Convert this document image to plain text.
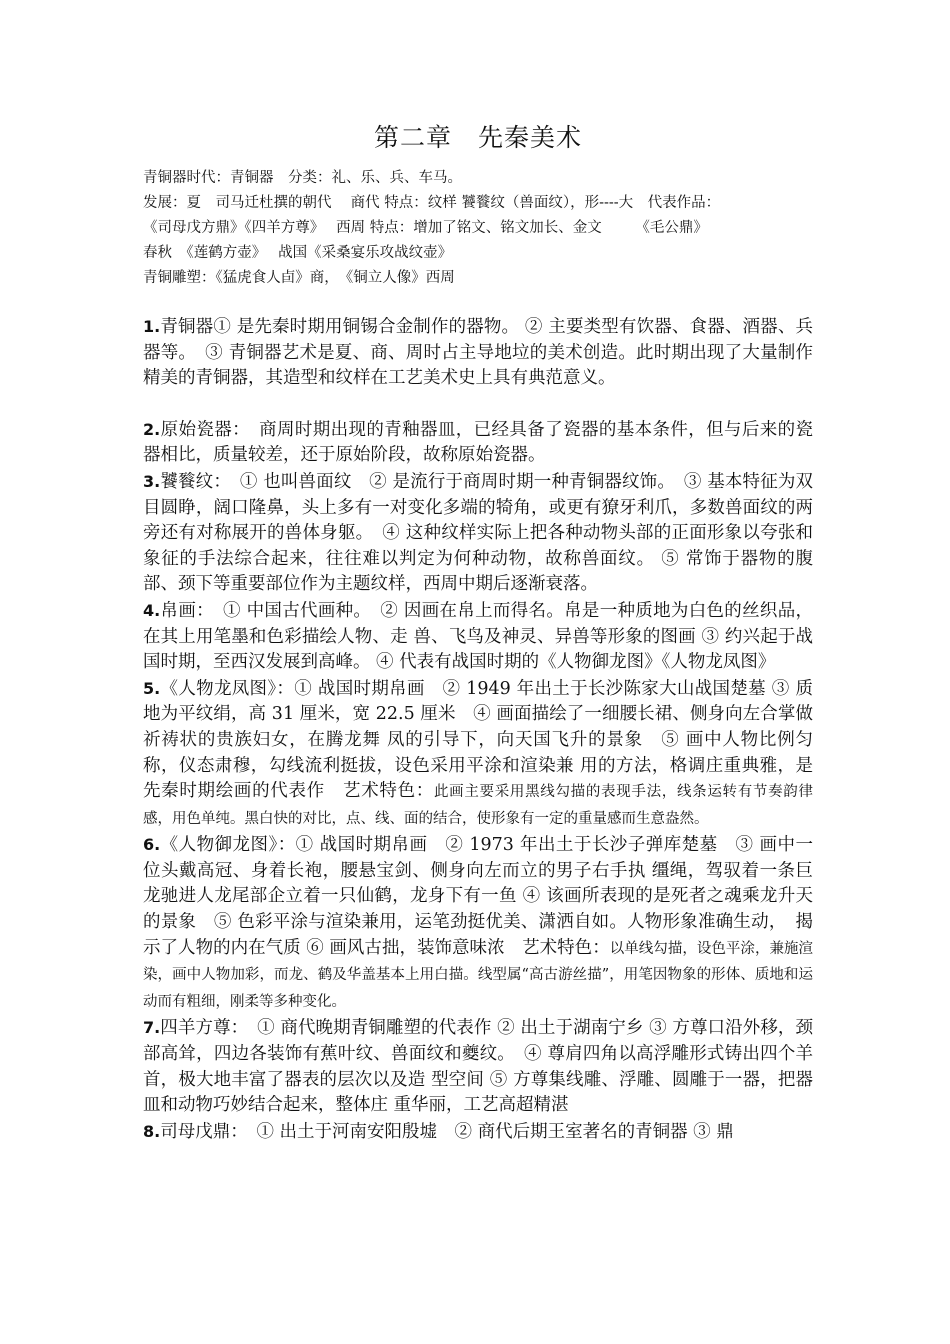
第二章　先秦美术
青铜器时代：青铜器　分类：礼、乐、兵、车马。
发展：夏　司马迁杜撰的朝代　 商代 特点：纹样 饕餮纹（兽面纹），形----大　代表作品：
《司母戊方鼎》《四羊方尊》　 西周 特点：增加了铭文、铭文加长、金文　　 《毛公鼎》
春秋　《莲鹤方壶》　 战国《采桑宴乐攻战纹壶》
青铜雕塑：《猛虎食人卣》商，　《铜立人像》西周

1.青铜器① 是先秦时期用铜锡合金制作的器物。 ② 主要类型有饮器、食器、酒器、兵器等。　③ 青铜器艺术是夏、商、周时占主导地垃的美术创造。此时期出现了大量制作精美的青铜器，其造型和纹样在工艺美术史上具有典范意义。

2.原始瓷器：　商周时期出现的青釉器皿，已经具备了瓷器的基本条件，但与后来的瓷器相比，质量较差，还于原始阶段，故称原始瓷器。

3.饕餮纹：　① 也叫兽面纹　② 是流行于商周时期一种青铜器纹饰。　③ 基本特征为双目圆睁，阔口隆鼻，头上多有一对变化多端的犄角，或更有獠牙利爪，多数兽面纹的两旁还有对称展开的兽体身躯。　④ 这种纹样实际上把各种动物头部的正面形象以夸张和象征的手法综合起来，往往难以判定为何种动物，故称兽面纹。 ⑤ 常饰于器物的腹部、颈下等重要部位作为主题纹样，西周中期后逐渐衰落。

4.帛画：　① 中国古代画种。　② 因画在帛上而得名。帛是一种质地为白色的丝织品，在其上用笔墨和色彩描绘人物、走 兽、飞鸟及神灵、异兽等形象的图画 ③ 约兴起于战国时期，至西汉发展到高峰。 ④ 代表有战国时期的《人物御龙图》《人物龙凤图》

5.《人物龙凤图》：① 战国时期帛画　② 1949 年出土于长沙陈家大山战国楚墓 ③ 质地为平纹绢，高 31 厘米，宽 22.5 厘米　④ 画面描绘了一细腰长裙、侧身向左合掌做祈祷状的贵族妇女，在腾龙舞 凤的引导下，向天国飞升的景象　⑤ 画中人物比例匀称，仪态肃穆，勾线流利挺拔，设色采用平涂和渲染兼 用的方法，格调庄重典雅，是先秦时期绘画的代表作　艺术特色：此画主要采用黑线勾描的表现手法，线条运转有节奏韵律感，用色单纯。黑白快的对比，点、线、面的结合，使形象有一定的重量感而生意盎然。

6.《人物御龙图》：① 战国时期帛画　② 1973 年出土于长沙子弹库楚墓　③ 画中一位头戴高冠、身着长袍，腰悬宝剑、侧身向左而立的男子右手执 缰绳，驾驭着一条巨龙驰进人龙尾部企立着一只仙鹤，龙身下有一鱼 ④ 该画所表现的是死者之魂乘龙升天的景象　⑤ 色彩平涂与渲染兼用，运笔劲挺优美、潇洒自如。人物形象准确生动，　揭示了人物的内在气质 ⑥ 画风古拙，装饰意味浓　艺术特色：以单线勾描，设色平涂，兼施渲染，画中人物加彩，而龙、鹤及华盖基本上用白描。线型属“高古游丝描”，用笔因物象的形体、质地和运动而有粗细，刚柔等多种变化。

7.四羊方尊：　① 商代晚期青铜雕塑的代表作 ② 出土于湖南宁乡 ③ 方尊口沿外移，颈部高耸，四边各装饰有蕉叶纹、兽面纹和夔纹。　④ 尊肩四角以高浮雕形式铸出四个羊首，极大地丰富了器表的层次以及造 型空间 ⑤ 方尊集线雕、浮雕、圆雕于一器，把器皿和动物巧妙结合起来，整体庄 重华丽，工艺高超精湛

8.司母戊鼎：　① 出土于河南安阳殷墟　② 商代后期王室著名的青铜器 ③ 鼎
